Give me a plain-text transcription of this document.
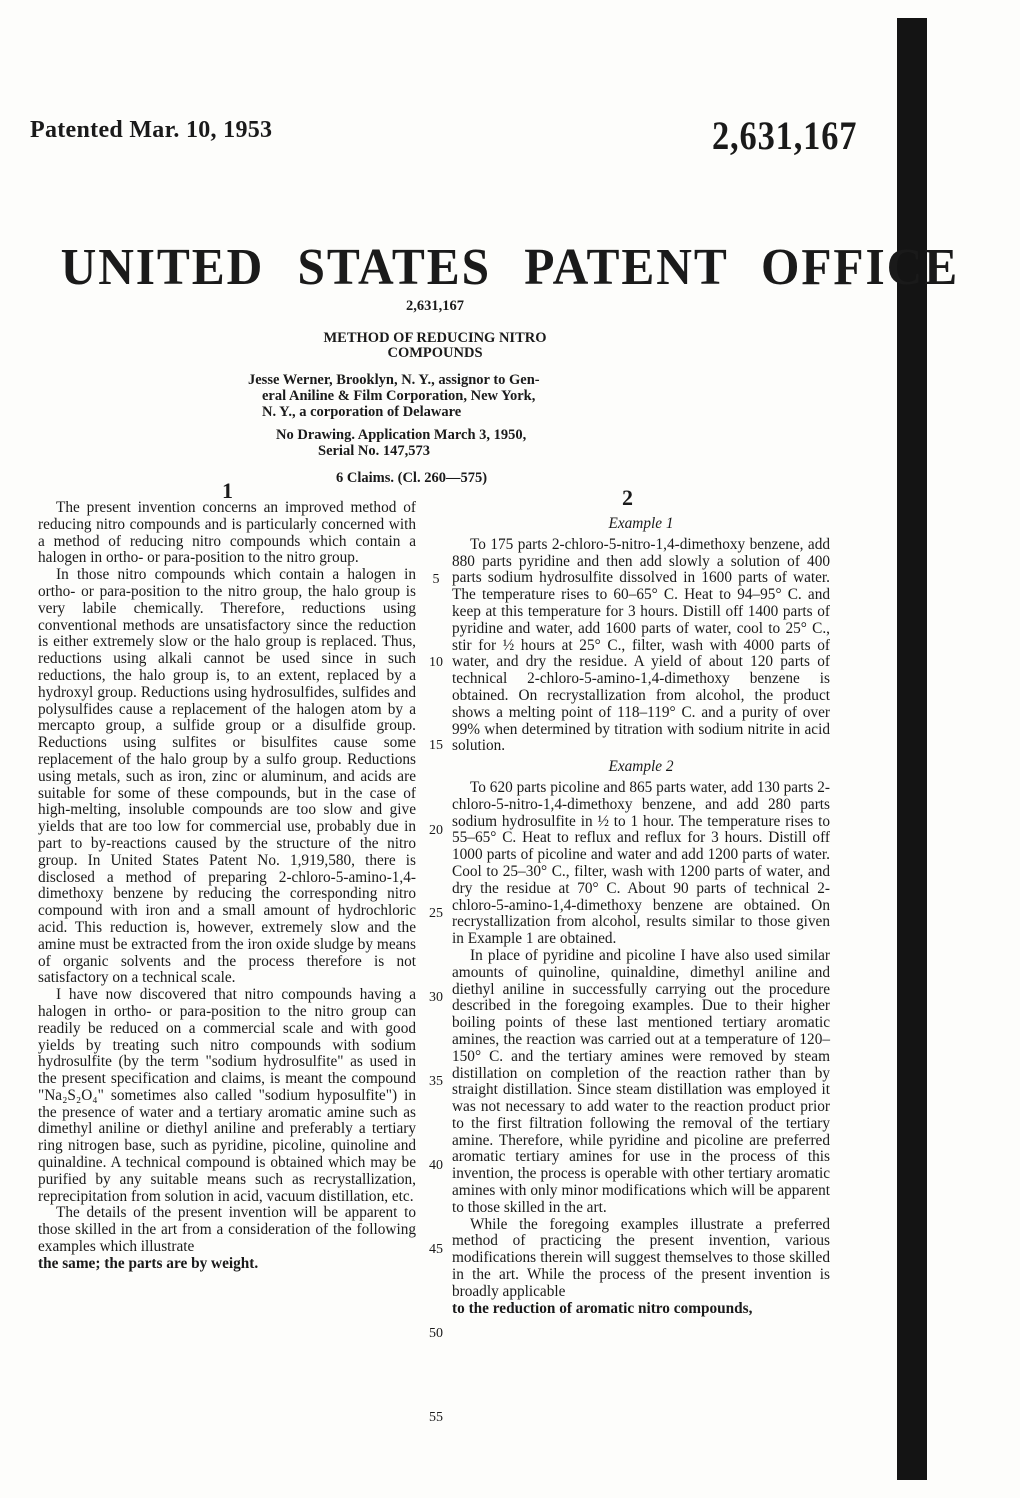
Patented Mar. 10, 1953	2,631,167
UNITED STATES PATENT OFFICE
2,631,167
METHOD OF REDUCING NITRO
COMPOUNDS
Jesse Werner, Brooklyn, N. Y., assignor to Gen-
eral Aniline & Film Corporation, New York,
N. Y., a corporation of Delaware
No Drawing. Application March 3, 1950,
Serial No. 147,573
6 Claims. (Cl. 260—575)
1	2

The present invention concerns an improved method of reducing nitro compounds and is particularly concerned with a method of reducing nitro compounds which contain a halogen in ortho- or para-position to the nitro group.

In those nitro compounds which contain a halogen in ortho- or para-position to the nitro group, the halo group is very labile chemically. Therefore, reductions using conventional methods are unsatisfactory since the reduction is either extremely slow or the halo group is replaced. Thus, reductions using alkali cannot be used since in such reductions, the halo group is, to an extent, replaced by a hydroxyl group. Reductions using hydrosulfides, sulfides and polysulfides cause a replacement of the halogen atom by a mercapto group, a sulfide group or a disulfide group. Reductions using sulfites or bisulfites cause some replacement of the halo group by a sulfo group. Reductions using metals, such as iron, zinc or aluminum, and acids are suitable for some of these compounds, but in the case of high-melting, insoluble compounds are too slow and give yields that are too low for commercial use, probably due in part to by-reactions caused by the structure of the nitro group. In United States Patent No. 1,919,580, there is disclosed a method of preparing 2-chloro-5-amino-1,4-dimethoxy benzene by reducing the corresponding nitro compound with iron and a small amount of hydrochloric acid. This reduction is, however, extremely slow and the amine must be extracted from the iron oxide sludge by means of organic solvents and the process therefore is not satisfactory on a technical scale.

I have now discovered that nitro compounds having a halogen in ortho- or para-position to the nitro group can readily be reduced on a commercial scale and with good yields by treating such nitro compounds with sodium hydrosulfite (by the term "sodium hydrosulfite" as used in the present specification and claims, is meant the compound "Na₂S₂O₄" sometimes also called "sodium hyposulfite") in the presence of water and a tertiary aromatic amine such as dimethyl aniline or diethyl aniline and preferably a tertiary ring nitrogen base, such as pyridine, picoline, quinoline and quinaldine. A technical compound is obtained which may be purified by any suitable means such as recrystallization, reprecipitation from solution in acid, vacuum distillation, etc.

The details of the present invention will be apparent to those skilled in the art from a consideration of the following examples which illustrate

the same; the parts are by weight.

Example 1

To 175 parts 2-chloro-5-nitro-1,4-dimethoxy benzene, add 880 parts pyridine and then add slowly a solution of 400 parts sodium hydrosulfite dissolved in 1600 parts of water. The temperature rises to 60–65° C. Heat to 94–95° C. and keep at this temperature for 3 hours. Distill off 1400 parts of pyridine and water, add 1600 parts of water, cool to 25° C., stir for ½ hours at 25° C., filter, wash with 4000 parts of water, and dry the residue. A yield of about 120 parts of technical 2-chloro-5-amino-1,4-dimethoxy benzene is obtained. On recrystallization from alcohol, the product shows a melting point of 118–119° C. and a purity of over 99% when determined by titration with sodium nitrite in acid solution.

Example 2

To 620 parts picoline and 865 parts water, add 130 parts 2-chloro-5-nitro-1,4-dimethoxy benzene, and add 280 parts sodium hydrosulfite in ½ to 1 hour. The temperature rises to 55–65° C. Heat to reflux and reflux for 3 hours. Distill off 1000 parts of picoline and water and add 1200 parts of water. Cool to 25–30° C., filter, wash with 1200 parts of water, and dry the residue at 70° C. About 90 parts of technical 2-chloro-5-amino-1,4-dimethoxy benzene are obtained. On recrystallization from alcohol, results similar to those given in Example 1 are obtained.

In place of pyridine and picoline I have also used similar amounts of quinoline, quinaldine, dimethyl aniline and diethyl aniline in successfully carrying out the procedure described in the foregoing examples. Due to their higher boiling points of these last mentioned tertiary aromatic amines, the reaction was carried out at a temperature of 120–150° C. and the tertiary amines were removed by steam distillation on completion of the reaction rather than by straight distillation. Since steam distillation was employed it was not necessary to add water to the reaction product prior to the first filtration following the removal of the tertiary amine. Therefore, while pyridine and picoline are preferred aromatic tertiary amines for use in the process of this invention, the process is operable with other tertiary aromatic amines with only minor modifications which will be apparent to those skilled in the art.

While the foregoing examples illustrate a preferred method of practicing the present invention, various modifications therein will suggest themselves to those skilled in the art. While the process of the present invention is broadly applicable

to the reduction of aromatic nitro compounds,

5
10
15
20
25
30
35
40
45
50
55
